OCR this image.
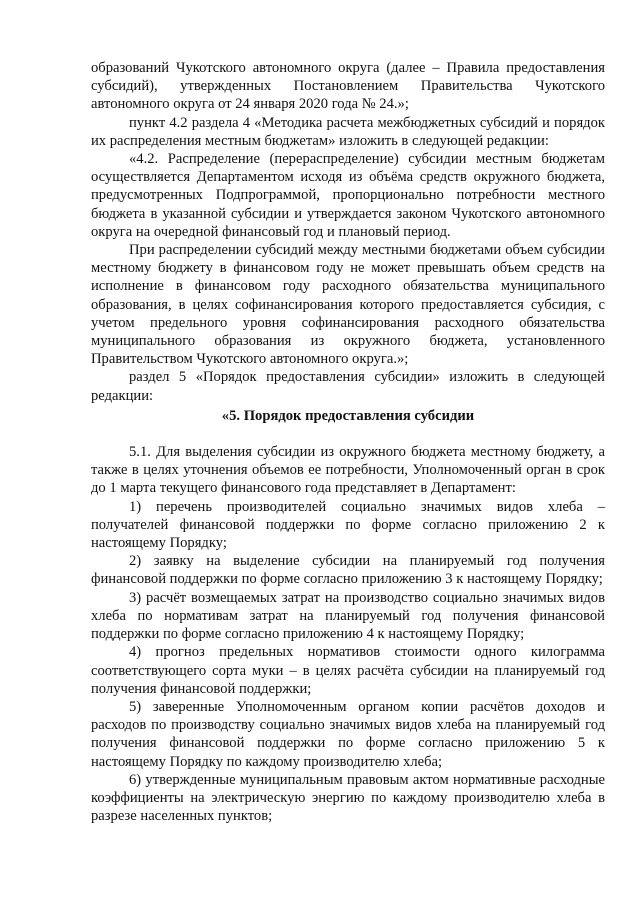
образований Чукотского автономного округа (далее – Правила предоставления субсидий), утвержденных Постановлением Правительства Чукотского автономного округа от 24 января 2020 года № 24.»;

пункт 4.2 раздела 4 «Методика расчета межбюджетных субсидий и порядок их распределения местным бюджетам» изложить в следующей редакции:

«4.2. Распределение (перераспределение) субсидии местным бюджетам осуществляется Департаментом исходя из объёма средств окружного бюджета, предусмотренных Подпрограммой, пропорционально потребности местного бюджета в указанной субсидии и утверждается законом Чукотского автономного округа на очередной финансовый год и плановый период.

При распределении субсидий между местными бюджетами объем субсидии местному бюджету в финансовом году не может превышать объем средств на исполнение в финансовом году расходного обязательства муниципального образования, в целях софинансирования которого предоставляется субсидия, с учетом предельного уровня софинансирования расходного обязательства муниципального образования из окружного бюджета, установленного Правительством Чукотского автономного округа.»;

раздел 5 «Порядок предоставления субсидии» изложить в следующей редакции:

«5. Порядок предоставления субсидии

5.1. Для выделения субсидии из окружного бюджета местному бюджету, а также в целях уточнения объемов ее потребности, Уполномоченный орган в срок до 1 марта текущего финансового года представляет в Департамент:

1) перечень производителей социально значимых видов хлеба – получателей финансовой поддержки по форме согласно приложению 2 к настоящему Порядку;

2) заявку на выделение субсидии на планируемый год получения финансовой поддержки по форме согласно приложению 3 к настоящему Порядку;

3) расчёт возмещаемых затрат на производство социально значимых видов хлеба по нормативам затрат на планируемый год получения финансовой поддержки по форме согласно приложению 4 к настоящему Порядку;

4) прогноз предельных нормативов стоимости одного килограмма соответствующего сорта муки – в целях расчёта субсидии на планируемый год получения финансовой поддержки;

5) заверенные Уполномоченным органом копии расчётов доходов и расходов по производству социально значимых видов хлеба на планируемый год получения финансовой поддержки по форме согласно приложению 5 к настоящему Порядку по каждому производителю хлеба;

6) утвержденные муниципальным правовым актом нормативные расходные коэффициенты на электрическую энергию по каждому производителю хлеба в разрезе населенных пунктов;
